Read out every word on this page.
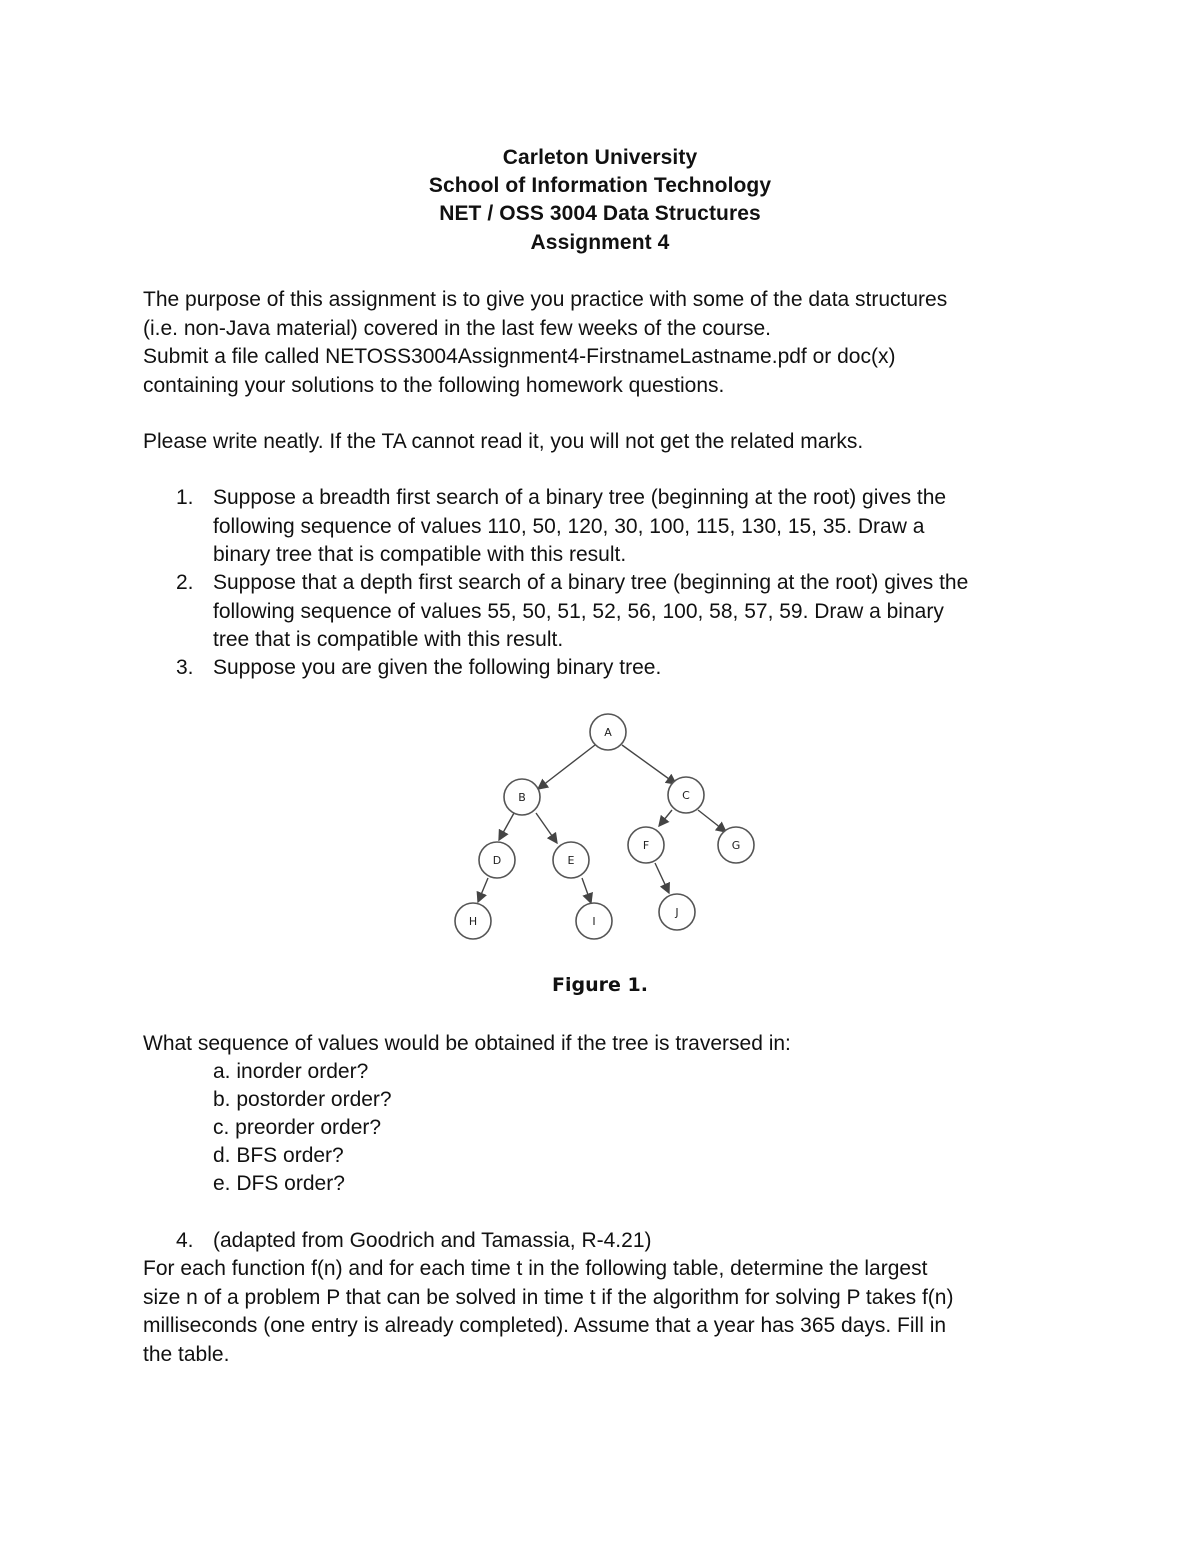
Carleton University
School of Information Technology
NET / OSS 3004 Data Structures
Assignment 4
The purpose of this assignment is to give you practice with some of the data structures
(i.e. non-Java material) covered in the last few weeks of the course.
Submit a file called NETOSS3004Assignment4-FirstnameLastname.pdf or doc(x)
containing your solutions to the following homework questions.
Please write neatly. If the TA cannot read it, you will not get the related marks.
1. Suppose a breadth first search of a binary tree (beginning at the root) gives the
following sequence of values 110, 50, 120, 30, 100, 115, 130, 15, 35. Draw a
binary tree that is compatible with this result.
2. Suppose that a depth first search of a binary tree (beginning at the root) gives the
following sequence of values 55, 50, 51, 52, 56, 100, 58, 57, 59. Draw a binary
tree that is compatible with this result.
3. Suppose you are given the following binary tree.
A
B	C
D	E
F	G
H	I
J
Figure 1.
What sequence of values would be obtained if the tree is traversed in:
a. inorder order?
b. postorder order?
c. preorder order?
d. BFS order?
e. DFS order?
4. (adapted from Goodrich and Tamassia, R-4.21)
For each function f(n) and for each time t in the following table, determine the largest
size n of a problem P that can be solved in time t if the algorithm for solving P takes f(n)
milliseconds (one entry is already completed). Assume that a year has 365 days. Fill in
the table.
